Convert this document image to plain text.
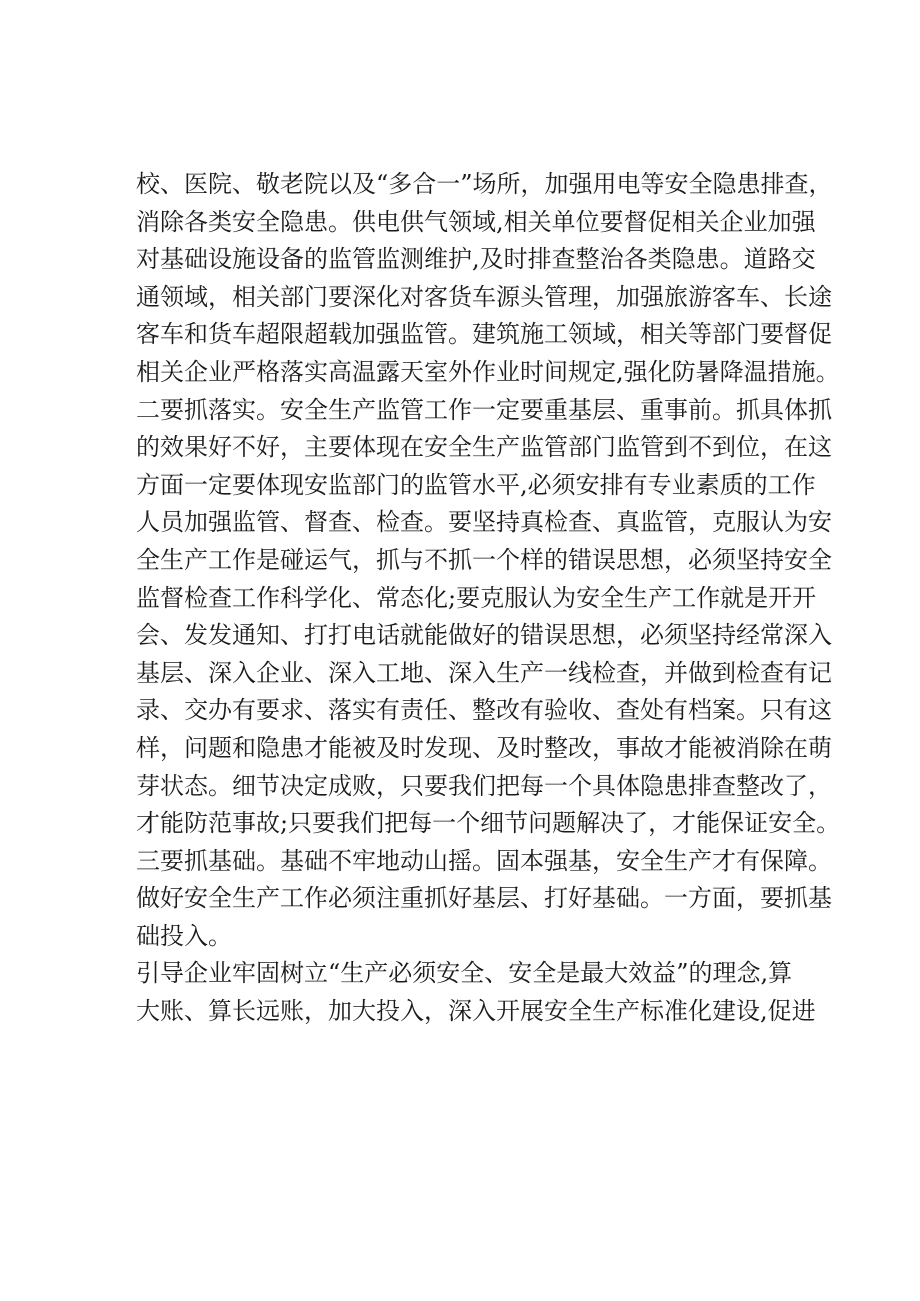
校、医院、敬老院以及“多合一”场所，加强用电等安全隐患排查，
消除各类安全隐患。供电供气领域,相关单位要督促相关企业加强
对基础设施设备的监管监测维护,及时排查整治各类隐患。道路交
通领域，相关部门要深化对客货车源头管理，加强旅游客车、长途
客车和货车超限超载加强监管。建筑施工领域，相关等部门要督促
相关企业严格落实高温露天室外作业时间规定,强化防暑降温措施。
二要抓落实。安全生产监管工作一定要重基层、重事前。抓具体抓
的效果好不好，主要体现在安全生产监管部门监管到不到位，在这
方面一定要体现安监部门的监管水平,必须安排有专业素质的工作
人员加强监管、督查、检查。要坚持真检查、真监管，克服认为安
全生产工作是碰运气，抓与不抓一个样的错误思想，必须坚持安全
监督检查工作科学化、常态化;要克服认为安全生产工作就是开开
会、发发通知、打打电话就能做好的错误思想，必须坚持经常深入
基层、深入企业、深入工地、深入生产一线检查，并做到检查有记
录、交办有要求、落实有责任、整改有验收、查处有档案。只有这
样，问题和隐患才能被及时发现、及时整改，事故才能被消除在萌
芽状态。细节决定成败，只要我们把每一个具体隐患排查整改了，
才能防范事故;只要我们把每一个细节问题解决了，才能保证安全。
三要抓基础。基础不牢地动山摇。固本强基，安全生产才有保障。
做好安全生产工作必须注重抓好基层、打好基础。一方面，要抓基
础投入。
引导企业牢固树立“生产必须安全、安全是最大效益”的理念,算
大账、算长远账，加大投入，深入开展安全生产标准化建设,促进
